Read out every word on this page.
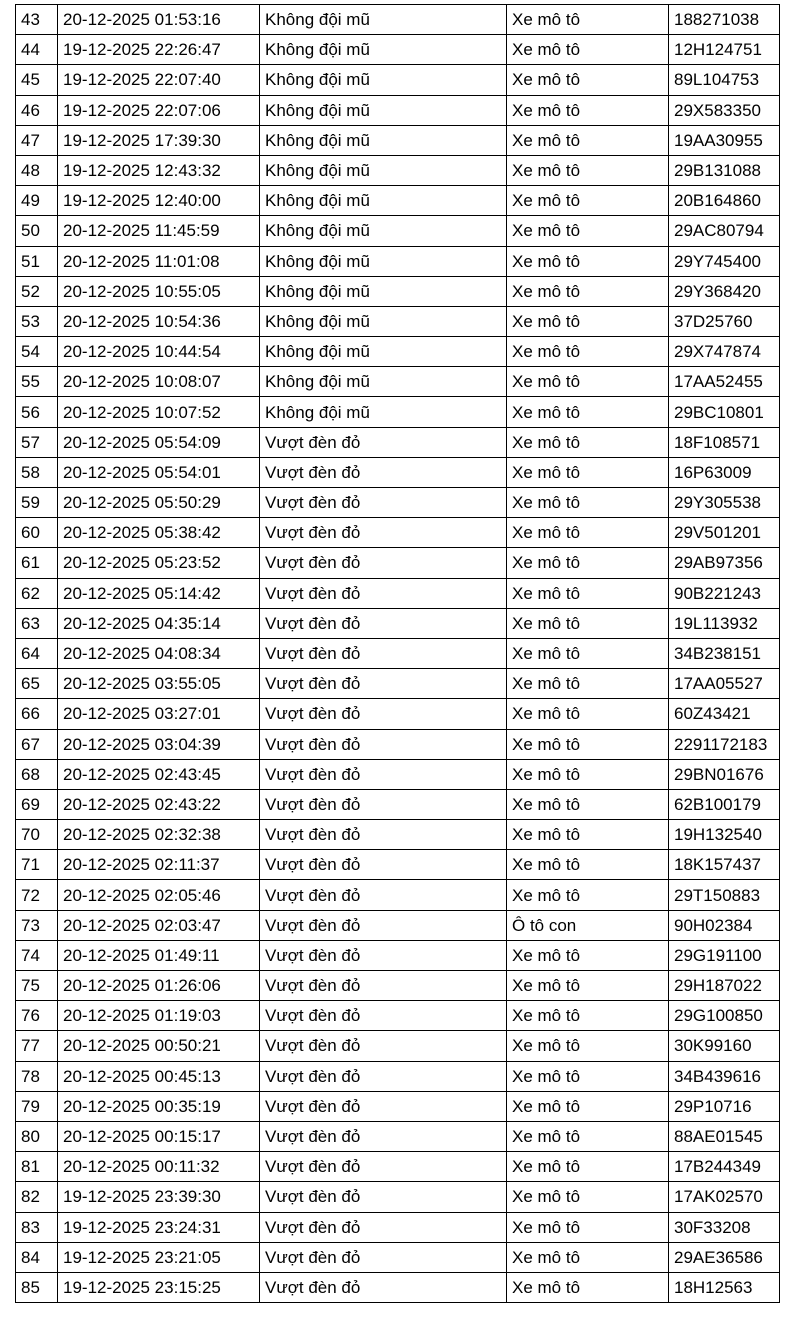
43	20-12-2025 01:53:16	Không đội mũ	Xe mô tô	188271038
44	19-12-2025 22:26:47	Không đội mũ	Xe mô tô	12H124751
45	19-12-2025 22:07:40	Không đội mũ	Xe mô tô	89L104753
46	19-12-2025 22:07:06	Không đội mũ	Xe mô tô	29X583350
47	19-12-2025 17:39:30	Không đội mũ	Xe mô tô	19AA30955
48	19-12-2025 12:43:32	Không đội mũ	Xe mô tô	29B131088
49	19-12-2025 12:40:00	Không đội mũ	Xe mô tô	20B164860
50	20-12-2025 11:45:59	Không đội mũ	Xe mô tô	29AC80794
51	20-12-2025 11:01:08	Không đội mũ	Xe mô tô	29Y745400
52	20-12-2025 10:55:05	Không đội mũ	Xe mô tô	29Y368420
53	20-12-2025 10:54:36	Không đội mũ	Xe mô tô	37D25760
54	20-12-2025 10:44:54	Không đội mũ	Xe mô tô	29X747874
55	20-12-2025 10:08:07	Không đội mũ	Xe mô tô	17AA52455
56	20-12-2025 10:07:52	Không đội mũ	Xe mô tô	29BC10801
57	20-12-2025 05:54:09	Vượt đèn đỏ	Xe mô tô	18F108571
58	20-12-2025 05:54:01	Vượt đèn đỏ	Xe mô tô	16P63009
59	20-12-2025 05:50:29	Vượt đèn đỏ	Xe mô tô	29Y305538
60	20-12-2025 05:38:42	Vượt đèn đỏ	Xe mô tô	29V501201
61	20-12-2025 05:23:52	Vượt đèn đỏ	Xe mô tô	29AB97356
62	20-12-2025 05:14:42	Vượt đèn đỏ	Xe mô tô	90B221243
63	20-12-2025 04:35:14	Vượt đèn đỏ	Xe mô tô	19L113932
64	20-12-2025 04:08:34	Vượt đèn đỏ	Xe mô tô	34B238151
65	20-12-2025 03:55:05	Vượt đèn đỏ	Xe mô tô	17AA05527
66	20-12-2025 03:27:01	Vượt đèn đỏ	Xe mô tô	60Z43421
67	20-12-2025 03:04:39	Vượt đèn đỏ	Xe mô tô	2291172183
68	20-12-2025 02:43:45	Vượt đèn đỏ	Xe mô tô	29BN01676
69	20-12-2025 02:43:22	Vượt đèn đỏ	Xe mô tô	62B100179
70	20-12-2025 02:32:38	Vượt đèn đỏ	Xe mô tô	19H132540
71	20-12-2025 02:11:37	Vượt đèn đỏ	Xe mô tô	18K157437
72	20-12-2025 02:05:46	Vượt đèn đỏ	Xe mô tô	29T150883
73	20-12-2025 02:03:47	Vượt đèn đỏ	Ô tô con	90H02384
74	20-12-2025 01:49:11	Vượt đèn đỏ	Xe mô tô	29G191100
75	20-12-2025 01:26:06	Vượt đèn đỏ	Xe mô tô	29H187022
76	20-12-2025 01:19:03	Vượt đèn đỏ	Xe mô tô	29G100850
77	20-12-2025 00:50:21	Vượt đèn đỏ	Xe mô tô	30K99160
78	20-12-2025 00:45:13	Vượt đèn đỏ	Xe mô tô	34B439616
79	20-12-2025 00:35:19	Vượt đèn đỏ	Xe mô tô	29P10716
80	20-12-2025 00:15:17	Vượt đèn đỏ	Xe mô tô	88AE01545
81	20-12-2025 00:11:32	Vượt đèn đỏ	Xe mô tô	17B244349
82	19-12-2025 23:39:30	Vượt đèn đỏ	Xe mô tô	17AK02570
83	19-12-2025 23:24:31	Vượt đèn đỏ	Xe mô tô	30F33208
84	19-12-2025 23:21:05	Vượt đèn đỏ	Xe mô tô	29AE36586
85	19-12-2025 23:15:25	Vượt đèn đỏ	Xe mô tô	18H12563
